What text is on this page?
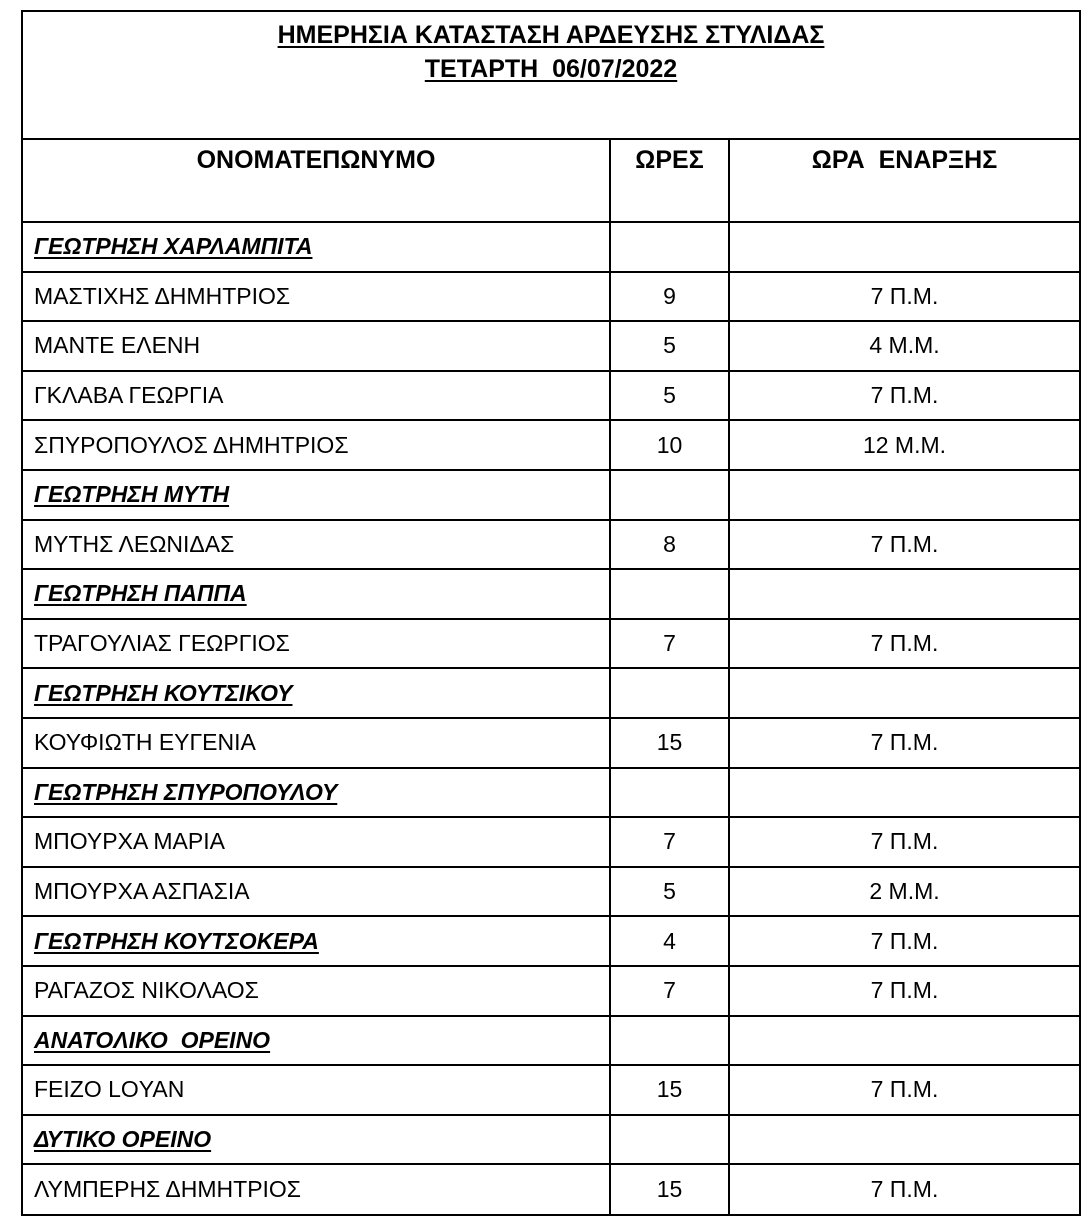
ΗΜΕΡΗΣΙΑ ΚΑΤΑΣΤΑΣΗ ΑΡΔΕΥΣΗΣ ΣΤΥΛΙΔΑΣ
ΤΕΤΑΡΤΗ  06/07/2022
ΟΝΟΜΑΤΕΠΩΝΥΜΟ	ΩΡΕΣ	ΩΡΑ  ΕΝΑΡΞΗΣ
ΓΕΩΤΡΗΣΗ ΧΑΡΛΑΜΠΙΤΑ		
ΜΑΣΤΙΧΗΣ ΔΗΜΗΤΡΙΟΣ	9	7 Π.Μ.
ΜΑΝΤΕ ΕΛΕΝΗ	5	4 Μ.Μ.
ΓΚΛΑΒΑ ΓΕΩΡΓΙΑ	5	7 Π.Μ.
ΣΠΥΡΟΠΟΥΛΟΣ ΔΗΜΗΤΡΙΟΣ	10	12 Μ.Μ.
ΓΕΩΤΡΗΣΗ ΜΥΤΗ		
ΜΥΤΗΣ ΛΕΩΝΙΔΑΣ	8	7 Π.Μ.
ΓΕΩΤΡΗΣΗ ΠΑΠΠΑ		
ΤΡΑΓΟΥΛΙΑΣ ΓΕΩΡΓΙΟΣ	7	7 Π.Μ.
ΓΕΩΤΡΗΣΗ ΚΟΥΤΣΙΚΟΥ		
ΚΟΥΦΙΩΤΗ ΕΥΓΕΝΙΑ	15	7 Π.Μ.
ΓΕΩΤΡΗΣΗ ΣΠΥΡΟΠΟΥΛΟΥ		
ΜΠΟΥΡΧΑ ΜΑΡΙΑ	7	7 Π.Μ.
ΜΠΟΥΡΧΑ ΑΣΠΑΣΙΑ	5	2 Μ.Μ.
ΓΕΩΤΡΗΣΗ ΚΟΥΤΣΟΚΕΡΑ	4	7 Π.Μ.
ΡΑΓΑΖΟΣ ΝΙΚΟΛΑΟΣ	7	7 Π.Μ.
ΑΝΑΤΟΛΙΚΟ  ΟΡΕΙΝΟ		
FEIZO LOYAN	15	7 Π.Μ.
ΔΥΤΙΚΟ ΟΡΕΙΝΟ		
ΛΥΜΠΕΡΗΣ ΔΗΜΗΤΡΙΟΣ	15	7 Π.Μ.
